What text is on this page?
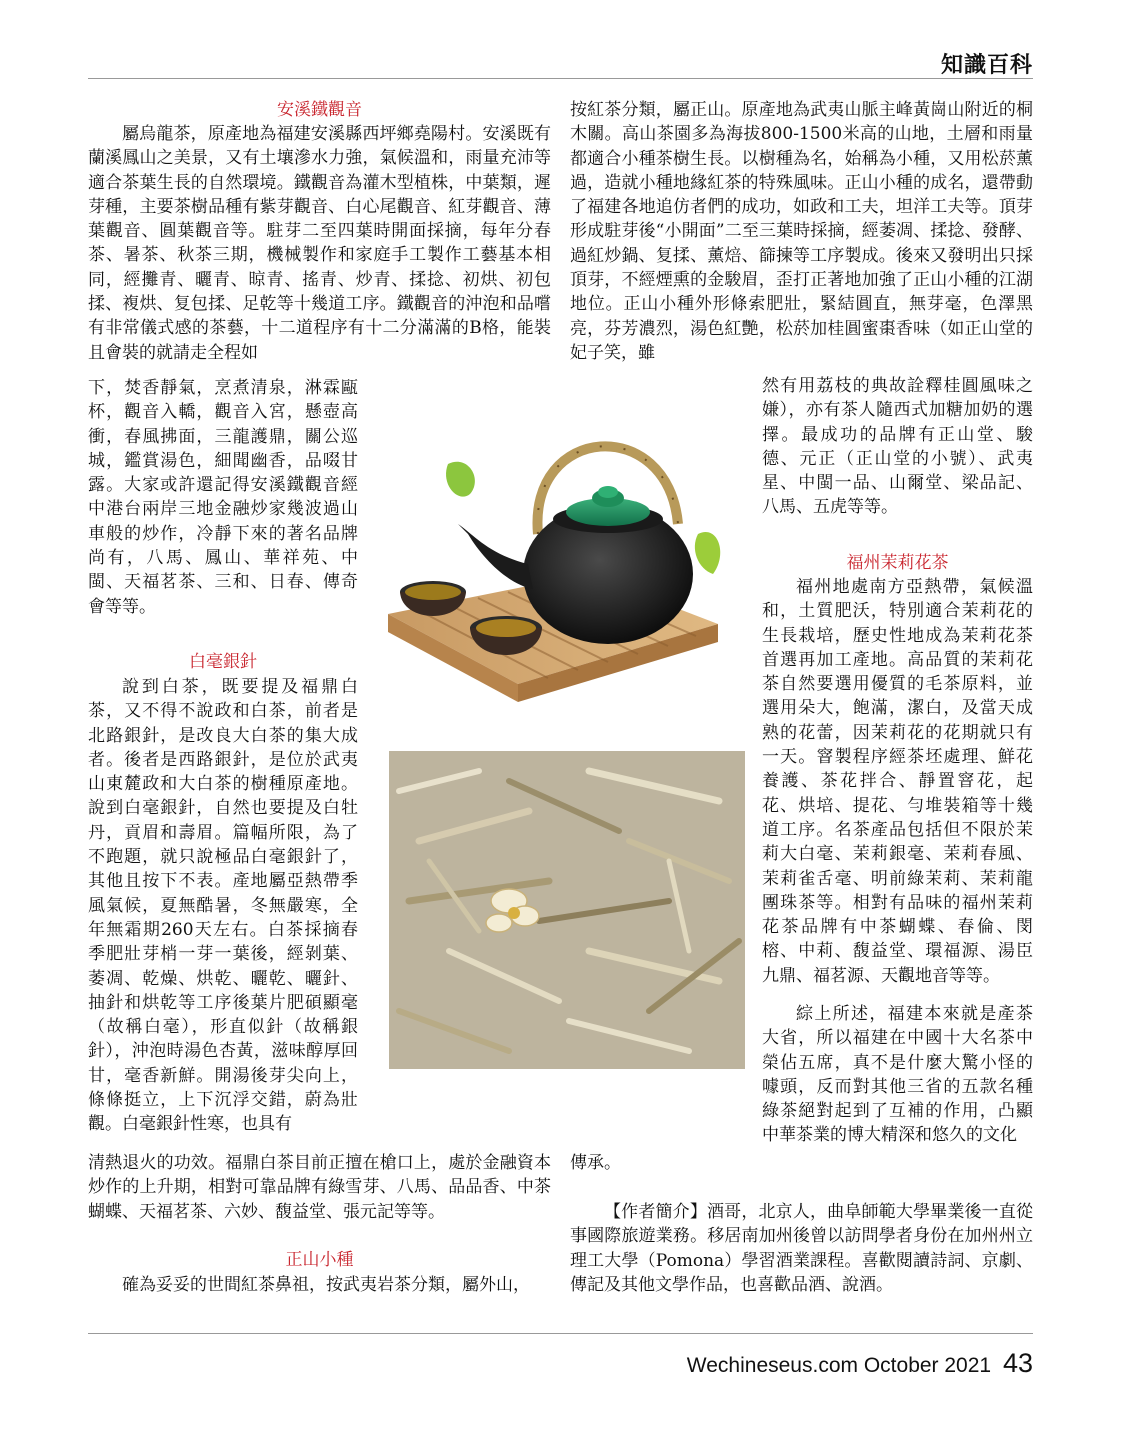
知識百科
安溪鐵觀音

屬烏龍茶，原產地為福建安溪縣西坪鄉堯陽村。安溪既有蘭溪鳳山之美景，又有土壤滲水力強，氣候溫和，雨量充沛等適合茶葉生長的自然環境。鐵觀音為灌木型植株，中葉類，遲芽種，主要茶樹品種有紫芽觀音、白心尾觀音、紅芽觀音、薄葉觀音、圓葉觀音等。駐芽二至四葉時開面採摘，每年分春茶、暑茶、秋茶三期，機械製作和家庭手工製作工藝基本相同，經攤青、曬青、晾青、搖青、炒青、揉捻、初烘、初包揉、複烘、复包揉、足乾等十幾道工序。鐵觀音的沖泡和品嚐有非常儀式感的茶藝，十二道程序有十二分滿滿的B格，能裝且會裝的就請走全程如

下，焚香靜氣，烹煮清泉，淋霖甌杯，觀音入轎，觀音入宮，懸壺高衝，春風拂面，三龍護鼎，關公巡城，鑑賞湯色，細聞幽香，品啜甘露。大家或許還記得安溪鐵觀音經中港台兩岸三地金融炒家幾波過山車般的炒作，冷靜下來的著名品牌尚有，八馬、鳳山、華祥苑、中閩、天福茗茶、三和、日春、傳奇會等等。

白毫銀針

說到白茶，既要提及福鼎白茶，又不得不說政和白茶，前者是北路銀針，是改良大白茶的集大成者。後者是西路銀針，是位於武夷山東麓政和大白茶的樹種原產地。說到白毫銀針，自然也要提及白牡丹，貢眉和壽眉。篇幅所限，為了不跑題，就只說極品白毫銀針了，其他且按下不表。產地屬亞熱帶季風氣候，夏無酷暑，冬無嚴寒，全年無霜期260天左右。白茶採摘春季肥壯芽梢一芽一葉後，經剝葉、萎凋、乾燥、烘乾、曬乾、曬針、抽針和烘乾等工序後葉片肥碩顯毫（故稱白毫），形直似針（故稱銀針），沖泡時湯色杏黃，滋味醇厚回甘，毫香新鮮。開湯後芽尖向上，條條挺立，上下沉浮交錯，蔚為壯觀。白毫銀針性寒，也具有

清熱退火的功效。福鼎白茶目前正擅在槍口上，處於金融資本炒作的上升期，相對可靠品牌有綠雪芽、八馬、品品香、中茶蝴蝶、天福茗茶、六妙、馥益堂、張元記等等。

正山小種

確為妥妥的世間紅茶鼻祖，按武夷岩茶分類，屬外山，

按紅茶分類，屬正山。原產地為武夷山脈主峰黃崗山附近的桐木關。高山茶園多為海拔800-1500米高的山地，土層和雨量都適合小種茶樹生長。以樹種為名，始稱為小種，又用松菸薰過，造就小種地緣紅茶的特殊風味。正山小種的成名，還帶動了福建各地追仿者們的成功，如政和工夫，坦洋工夫等。頂芽形成駐芽後“小開面”二至三葉時採摘，經萎凋、揉捻、發酵、過紅炒鍋、复揉、薰焙、篩揀等工序製成。後來又發明出只採頂芽，不經煙熏的金駿眉，歪打正著地加強了正山小種的江湖地位。正山小種外形條索肥壯，緊結圓直，無芽毫，色澤黑亮，芬芳濃烈，湯色紅艷，松菸加桂圓蜜棗香味（如正山堂的妃子笑，雖

然有用荔枝的典故詮釋桂圓風味之嫌），亦有茶人隨西式加糖加奶的選擇。最成功的品牌有正山堂、駿德、元正（正山堂的小號）、武夷星、中閩一品、山爾堂、梁品記、八馬、五虎等等。

福州茉莉花茶

福州地處南方亞熱帶，氣候溫和，土質肥沃，特別適合茉莉花的生長栽培，歷史性地成為茉莉花茶首選再加工產地。高品質的茉莉花茶自然要選用優質的毛茶原料，並選用朵大，飽滿，潔白，及當天成熟的花蕾，因茉莉花的花期就只有一天。窨製程序經茶坯處理、鮮花養護、茶花拌合、靜置窨花，起花、烘培、提花、勻堆裝箱等十幾道工序。名茶產品包括但不限於茉莉大白毫、茉莉銀毫、茉莉春風、茉莉雀舌毫、明前綠茉莉、茉莉龍團珠茶等。相對有品味的福州茉莉花茶品牌有中茶蝴蝶、春倫、閔榕、中莉、馥益堂、環福源、湯臣九鼎、福茗源、天觀地音等等。

綜上所述，福建本來就是產茶大省，所以福建在中國十大名茶中榮佔五席，真不是什麼大驚小怪的噱頭，反而對其他三省的五款名種綠茶絕對起到了互補的作用，凸顯中華茶業的博大精深和悠久的文化

傳承。

【作者簡介】酒哥，北京人，曲阜師範大學畢業後一直從事國際旅遊業務。移居南加州後曾以訪問學者身份在加州州立理工大學（Pomona）學習酒業課程。喜歡閱讀詩詞、京劇、傳記及其他文學作品，也喜歡品酒、說酒。

Wechineseus.com October 2021 43
